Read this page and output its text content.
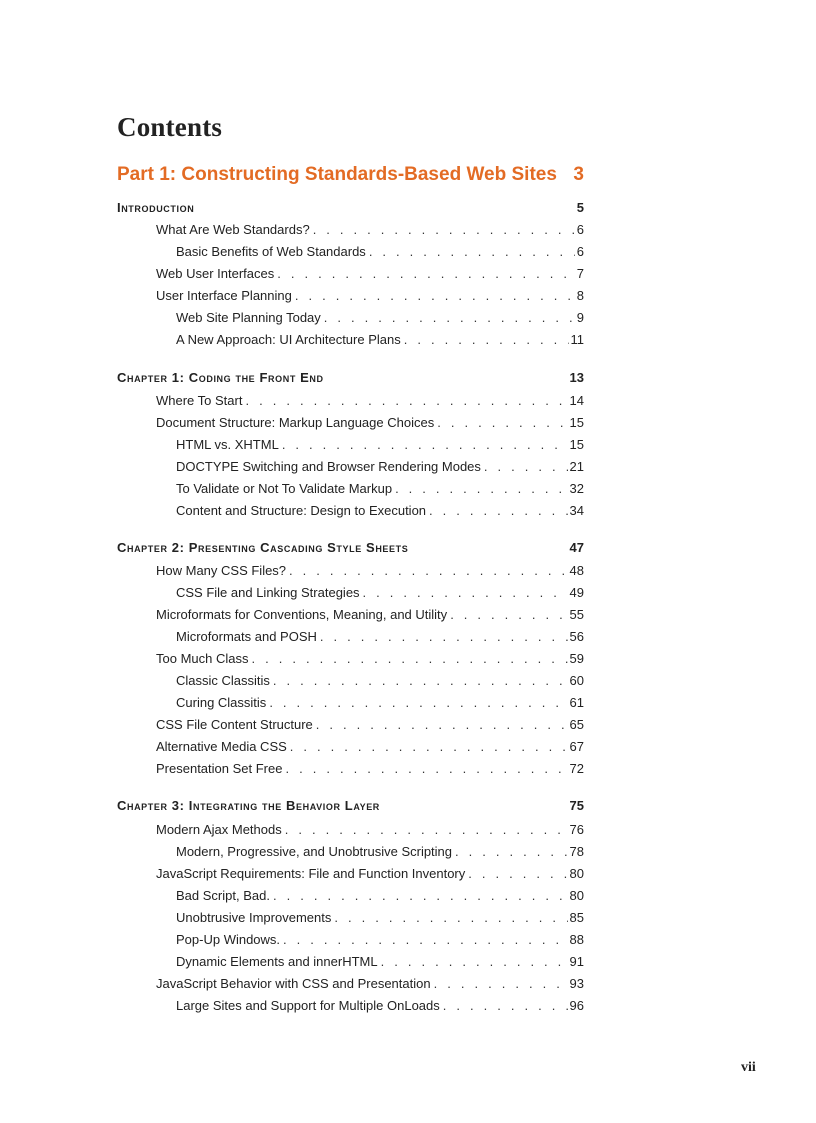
Contents
Part 1: Constructing Standards-Based Web Sites 3
Introduction	5
What Are Web Standards? . . .	6
Basic Benefits of Web Standards . . .	6
Web User Interfaces . . .	7
User Interface Planning . . .	8
Web Site Planning Today . . .	9
A New Approach: UI Architecture Plans . . .	11
Chapter 1: Coding the Front End	13
Where To Start . . .	14
Document Structure: Markup Language Choices . . .	15
HTML vs. XHTML . . .	15
DOCTYPE Switching and Browser Rendering Modes . . .	21
To Validate or Not To Validate Markup . . .	32
Content and Structure: Design to Execution . . .	34
Chapter 2: Presenting Cascading Style Sheets	47
How Many CSS Files? . . .	48
CSS File and Linking Strategies . . .	49
Microformats for Conventions, Meaning, and Utility . . .	55
Microformats and POSH . . .	56
Too Much Class . . .	59
Classic Classitis . . .	60
Curing Classitis . . .	61
CSS File Content Structure . . .	65
Alternative Media CSS . . .	67
Presentation Set Free . . .	72
Chapter 3: Integrating the Behavior Layer	75
Modern Ajax Methods . . .	76
Modern, Progressive, and Unobtrusive Scripting . . .	78
JavaScript Requirements: File and Function Inventory . . .	80
Bad Script, Bad. . . .	80
Unobtrusive Improvements . . .	85
Pop-Up Windows. . . .	88
Dynamic Elements and innerHTML . . .	91
JavaScript Behavior with CSS and Presentation . . .	93
Large Sites and Support for Multiple OnLoads . . .	96
vii
